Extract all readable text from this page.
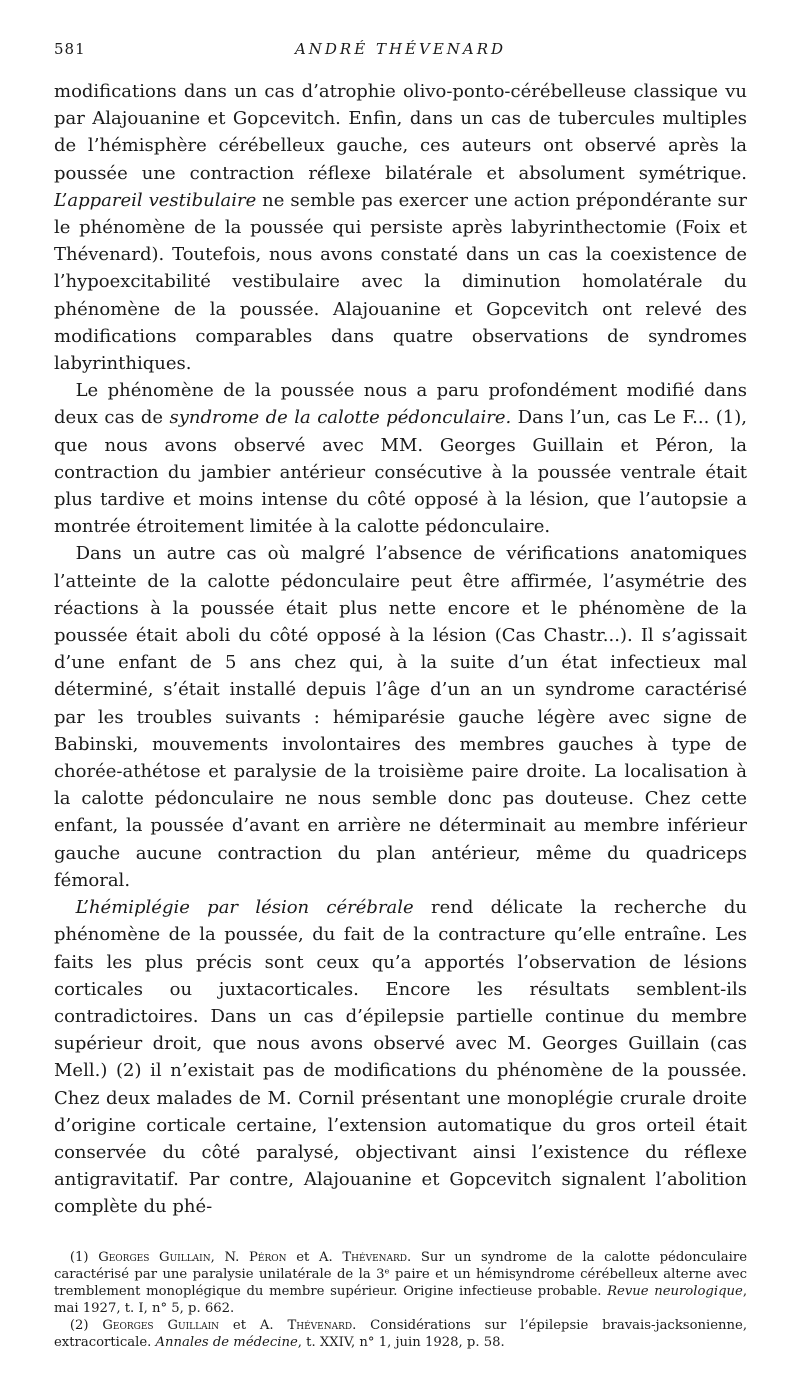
581	ANDRÉ THÉVENARD

modifications dans un cas d’atrophie olivo-ponto-cérébelleuse classique vu par Alajouanine et Gopcevitch. Enfin, dans un cas de tubercules multiples de l’hémisphère cérébelleux gauche, ces auteurs ont observé après la poussée une contraction réflexe bilatérale et absolument symétrique. L’appareil vestibulaire ne semble pas exercer une action prépondérante sur le phénomène de la poussée qui persiste après labyrinthectomie (Foix et Thévenard). Toutefois, nous avons constaté dans un cas la coexistence de l’hypoexcitabilité vestibulaire avec la diminution homolatérale du phénomène de la poussée. Alajouanine et Gopcevitch ont relevé des modifications comparables dans quatre observations de syndromes labyrinthiques.

Le phénomène de la poussée nous a paru profondément modifié dans deux cas de syndrome de la calotte pédonculaire. Dans l’un, cas Le F... (1), que nous avons observé avec MM. Georges Guillain et Péron, la contraction du jambier antérieur consécutive à la poussée ventrale était plus tardive et moins intense du côté opposé à la lésion, que l’autopsie a montrée étroitement limitée à la calotte pédonculaire.

Dans un autre cas où malgré l’absence de vérifications anatomiques l’atteinte de la calotte pédonculaire peut être affirmée, l’asymétrie des réactions à la poussée était plus nette encore et le phénomène de la poussée était aboli du côté opposé à la lésion (Cas Chastr...). Il s’agissait d’une enfant de 5 ans chez qui, à la suite d’un état infectieux mal déterminé, s’était installé depuis l’âge d’un an un syndrome caractérisé par les troubles suivants : hémiparésie gauche légère avec signe de Babinski, mouvements involontaires des membres gauches à type de chorée-athétose et paralysie de la troisième paire droite. La localisation à la calotte pédonculaire ne nous semble donc pas douteuse. Chez cette enfant, la poussée d’avant en arrière ne déterminait au membre inférieur gauche aucune contraction du plan antérieur, même du quadriceps fémoral.

L’hémiplégie par lésion cérébrale rend délicate la recherche du phénomène de la poussée, du fait de la contracture qu’elle entraîne. Les faits les plus précis sont ceux qu’a apportés l’observation de lésions corticales ou juxtacorticales. Encore les résultats semblent-ils contradictoires. Dans un cas d’épilepsie partielle continue du membre supérieur droit, que nous avons observé avec M. Georges Guillain (cas Mell.) (2) il n’existait pas de modifications du phénomène de la poussée. Chez deux malades de M. Cornil présentant une monoplégie crurale droite d’origine corticale certaine, l’extension automatique du gros orteil était conservée du côté paralysé, objectivant ainsi l’existence du réflexe antigravitatif. Par contre, Alajouanine et Gopcevitch signalent l’abolition complète du phé-

(1) Georges Guillain, N. Péron et A. Thévenard. Sur un syndrome de la calotte pédonculaire caractérisé par une paralysie unilatérale de la 3ᵉ paire et un hémisyndrome cérébelleux alterne avec tremblement monoplégique du membre supérieur. Origine infectieuse probable. Revue neurologique, mai 1927, t. I, n° 5, p. 662.

(2) Georges Guillain et A. Thévenard. Considérations sur l’épilepsie bravais-jacksonienne, extracorticale. Annales de médecine, t. XXIV, n° 1, juin 1928, p. 58.
